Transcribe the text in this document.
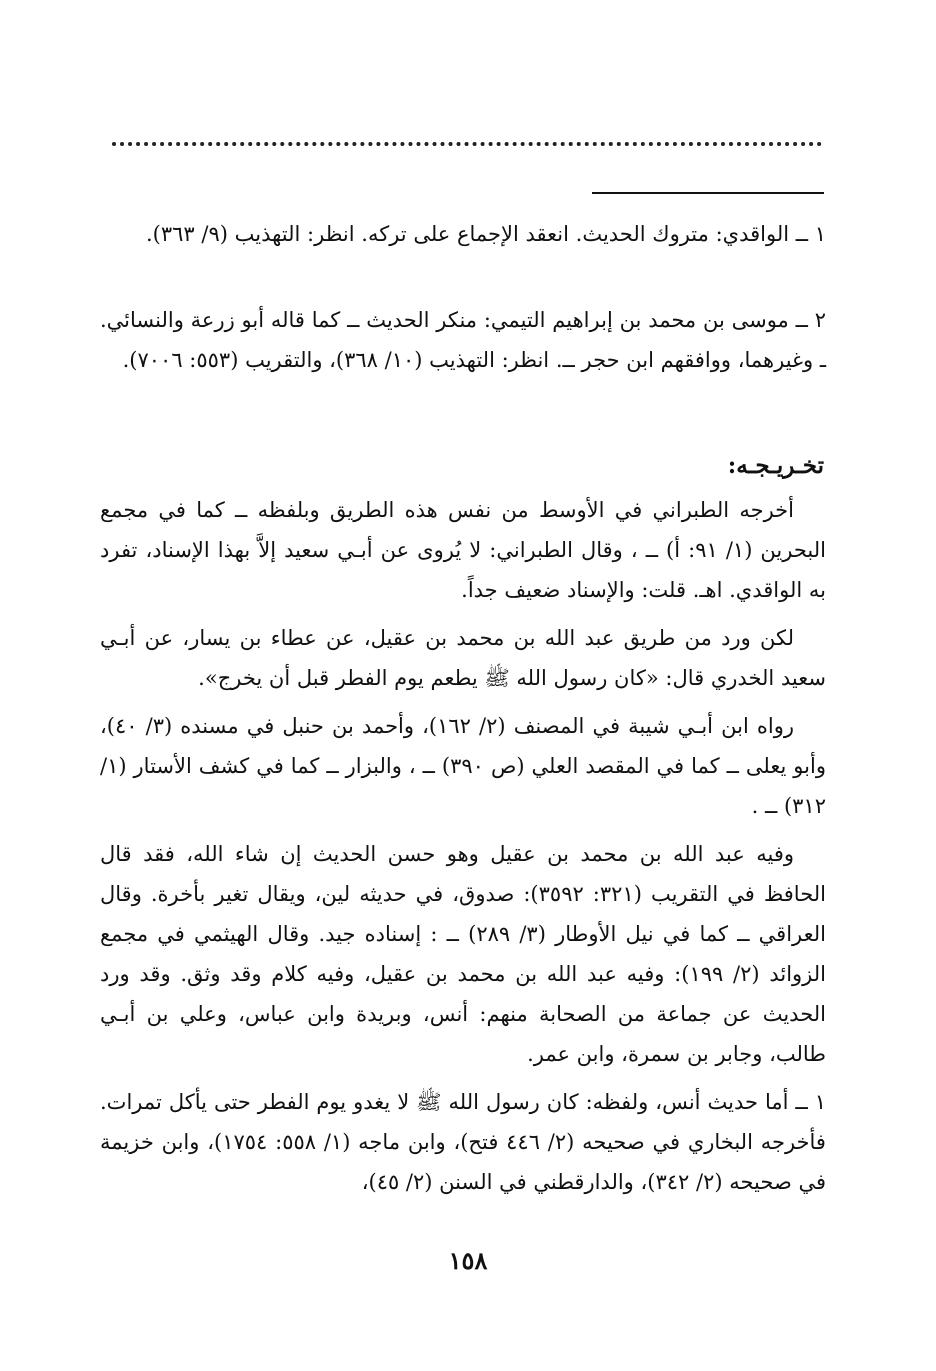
١ ــ الواقدي: متروك الحديث. انعقد الإجماع على تركه. انظر: التهذيب (٩/ ٣٦٣).

٢ ــ موسى بن محمد بن إبراهيم التيمي: منكر الحديث ــ كما قاله أبو زرعة والنسائي. ـ وغيرهما، ووافقهم ابن حجر ــ. انظر: التهذيب (١٠/ ٣٦٨)، والتقريب (٥٥٣: ٧٠٠٦).

تخـريـجـه:

أخرجه الطبراني في الأوسط من نفس هذه الطريق وبلفظه ــ كما في مجمع البحرين (١/ ٩١: أ) ــ ، وقال الطبراني: لا يُروى عن أبـي سعيد إلاَّ بهذا الإسناد، تفرد به الواقدي. اهـ. قلت: والإسناد ضعيف جداً.

لكن ورد من طريق عبد الله بن محمد بن عقيل، عن عطاء بن يسار، عن أبـي سعيد الخدري قال: «كان رسول الله ﷺ يطعم يوم الفطر قبل أن يخرج».

رواه ابن أبـي شيبة في المصنف (٢/ ١٦٢)، وأحمد بن حنبل في مسنده (٣/ ٤٠)، وأبو يعلى ــ كما في المقصد العلي (ص ٣٩٠) ــ ، والبزار ــ كما في كشف الأستار (١/ ٣١٢) ــ .

وفيه عبد الله بن محمد بن عقيل وهو حسن الحديث إن شاء الله، فقد قال الحافظ في التقريب (٣٢١: ٣٥٩٢): صدوق، في حديثه لين، ويقال تغير بأخرة. وقال العراقي ــ كما في نيل الأوطار (٣/ ٢٨٩) ــ : إسناده جيد. وقال الهيثمي في مجمع الزوائد (٢/ ١٩٩): وفيه عبد الله بن محمد بن عقيل، وفيه كلام وقد وثق. وقد ورد الحديث عن جماعة من الصحابة منهم: أنس، وبريدة وابن عباس، وعلي بن أبـي طالب، وجابر بن سمرة، وابن عمر.

١ ــ أما حديث أنس، ولفظه: كان رسول الله ﷺ لا يغدو يوم الفطر حتى يأكل تمرات. فأخرجه البخاري في صحيحه (٢/ ٤٤٦ فتح)، وابن ماجه (١/ ٥٥٨: ١٧٥٤)، وابن خزيمة في صحيحه (٢/ ٣٤٢)، والدارقطني في السنن (٢/ ٤٥)،

١٥٨
